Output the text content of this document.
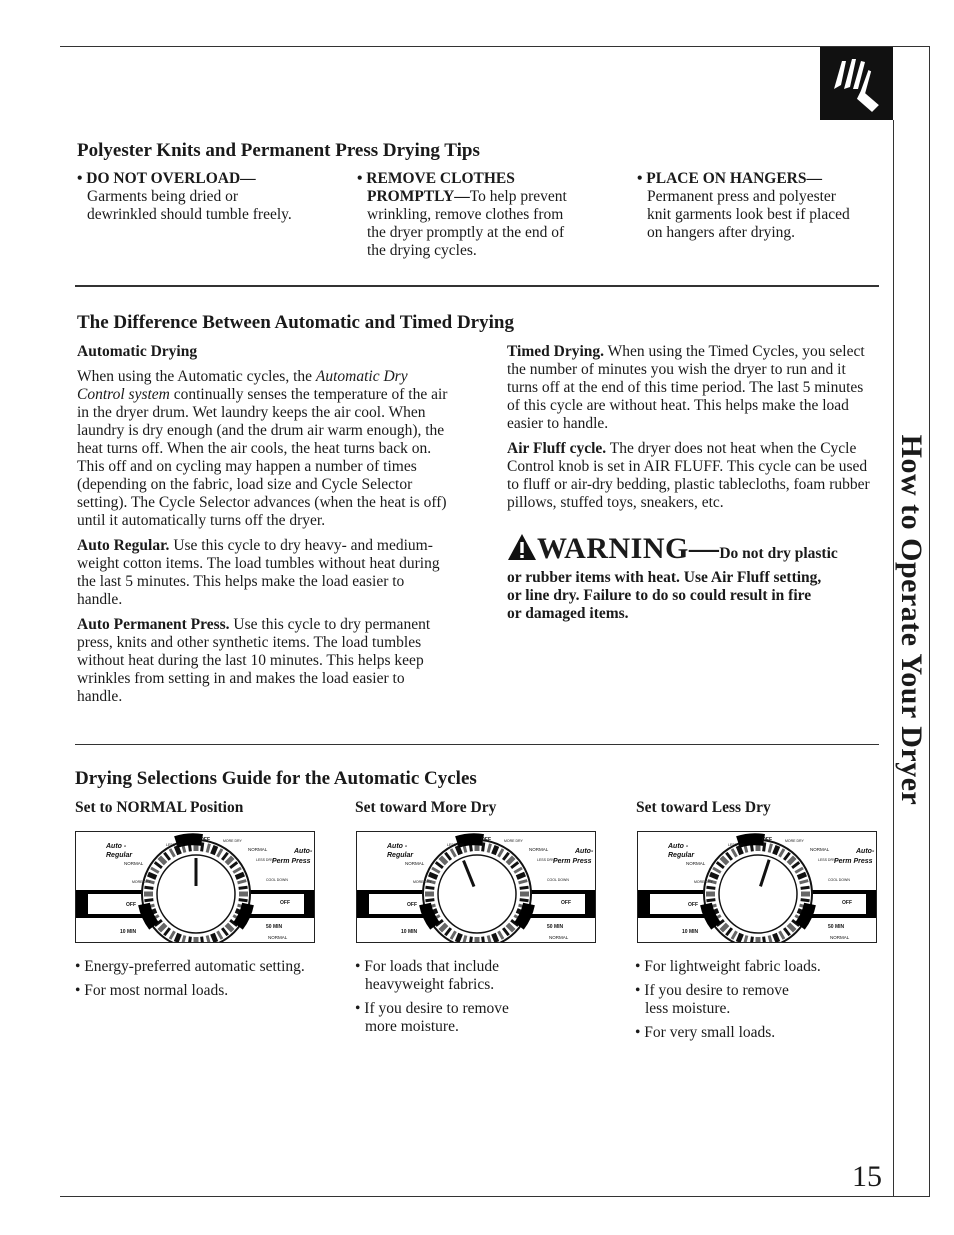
How to Operate Your Dryer
Polyester Knits and Permanent Press Drying Tips
• DO NOT OVERLOAD—
Garments being dried or
dewrinkled should tumble freely.
• REMOVE CLOTHES
PROMPTLY—To help prevent
wrinkling, remove clothes from
the dryer promptly at the end of
the drying cycles.
• PLACE ON HANGERS—
Permanent press and polyester
knit garments look best if placed
on hangers after drying.
The Difference Between Automatic and Timed Drying
Automatic Drying

When using the Automatic cycles, the Automatic Dry Control system continually senses the temperature of the air in the dryer drum. Wet laundry keeps the air cool. When laundry is dry enough (and the drum air warm enough), the heat turns off. When the air cools, the heat turns back on. This off and on cycling may happen a number of times (depending on the fabric, load size and Cycle Selector setting). The Cycle Selector advances (when the heat is off) until it automatically turns off the dryer.

Auto Regular. Use this cycle to dry heavy- and medium-weight cotton items. The load tumbles without heat during the last 5 minutes. This helps make the load easier to handle.

Auto Permanent Press. Use this cycle to dry permanent press, knits and other synthetic items. The load tumbles without heat during the last 10 minutes. This helps keep wrinkles from setting in and makes the load easier to handle.

Timed Drying. When using the Timed Cycles, you select the number of minutes you wish the dryer to run and it turns off at the end of this time period. The last 5 minutes of this cycle are without heat. This helps make the load easier to handle.

Air Fluff cycle. The dryer does not heat when the Cycle Control knob is set in AIR FLUFF. This cycle can be used to fluff or air-dry bedding, plastic tablecloths, foam rubber pillows, stuffed toys, sneakers, etc.

WARNING—Do not dry plastic
or rubber items with heat. Use Air Fluff setting,
or line dry. Failure to do so could result in fire
or damaged items.
Drying Selections Guide for the Automatic Cycles
Set to NORMAL Position
Auto -
Regular
NORMAL
LESS DRY
OFF	MORE DRY
NORMAL
LESS DRY
Auto-
Perm Press
COOL DOWN
MORE DRY
OFF	OFF
10 MIN
50 MIN
NORMAL
• Energy-preferred automatic setting.
• For most normal loads.
Set toward More Dry
Auto -
Regular
NORMAL
LESS DRY
OFF	MORE DRY
NORMAL
LESS DRY
Auto-
Perm Press
COOL DOWN
MORE DRY
OFF	OFF
10 MIN
50 MIN
NORMAL
• For loads that include
heavyweight fabrics.
• If you desire to remove
more moisture.
Set toward Less Dry
Auto -
Regular
NORMAL
LESS DRY
OFF	MORE DRY
NORMAL
LESS DRY
Auto-
Perm Press
COOL DOWN
MORE DRY
OFF	OFF
10 MIN
50 MIN
NORMAL
• For lightweight fabric loads.
• If you desire to remove
less moisture.
• For very small loads.
15
